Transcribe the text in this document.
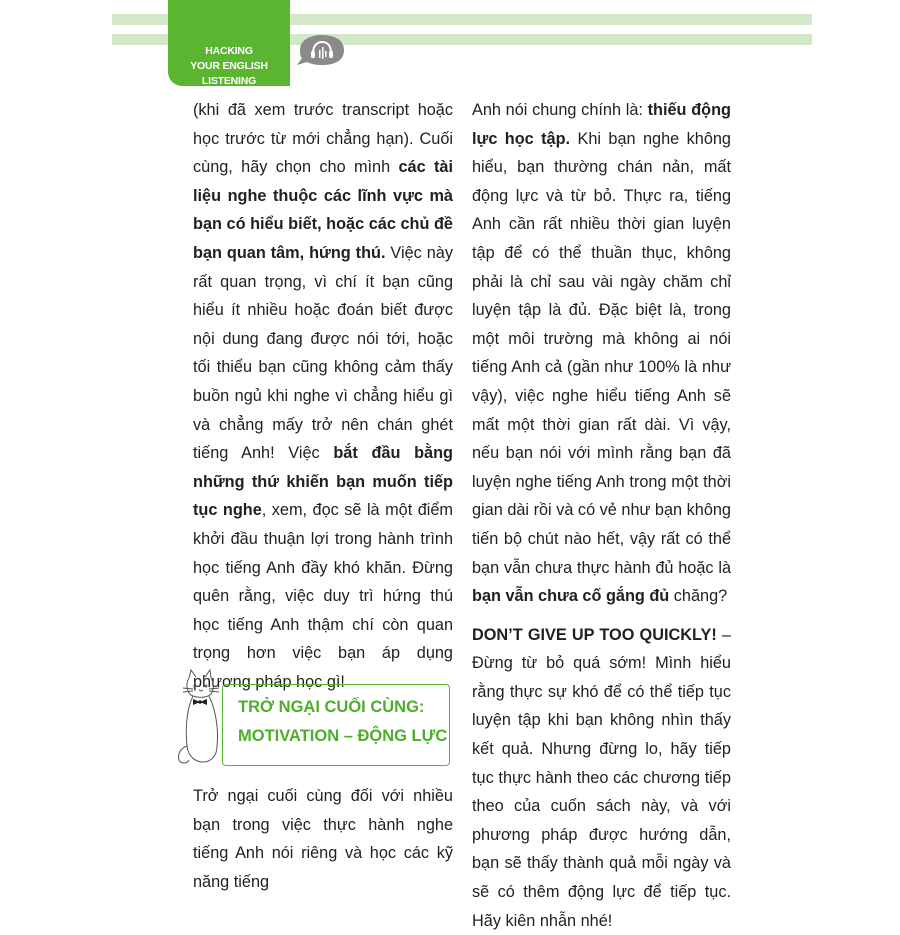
HACKING
YOUR ENGLISH LISTENING

(khi đã xem trước transcript hoặc học trước từ mới chẳng hạn). Cuối cùng, hãy chọn cho mình các tài liệu nghe thuộc các lĩnh vực mà bạn có hiểu biết, hoặc các chủ đề bạn quan tâm, hứng thú. Việc này rất quan trọng, vì chí ít bạn cũng hiểu ít nhiều hoặc đoán biết được nội dung đang được nói tới, hoặc tối thiểu bạn cũng không cảm thấy buồn ngủ khi nghe vì chẳng hiểu gì và chẳng mấy trở nên chán ghét tiếng Anh! Việc bắt đầu bằng những thứ khiến bạn muốn tiếp tục nghe, xem, đọc sẽ là một điểm khởi đầu thuận lợi trong hành trình học tiếng Anh đầy khó khăn. Đừng quên rằng, việc duy trì hứng thú học tiếng Anh thậm chí còn quan trọng hơn việc bạn áp dụng phương pháp học gì!

TRỞ NGẠI CUỐI CÙNG:
MOTIVATION – ĐỘNG LỰC

Trở ngại cuối cùng đối với nhiều bạn trong việc thực hành nghe tiếng Anh nói riêng và học các kỹ năng tiếng

Anh nói chung chính là: thiếu động lực học tập. Khi bạn nghe không hiểu, bạn thường chán nản, mất động lực và từ bỏ. Thực ra, tiếng Anh cần rất nhiều thời gian luyện tập để có thể thuần thục, không phải là chỉ sau vài ngày chăm chỉ luyện tập là đủ. Đặc biệt là, trong một môi trường mà không ai nói tiếng Anh cả (gần như 100% là như vậy), việc nghe hiểu tiếng Anh sẽ mất một thời gian rất dài. Vì vậy, nếu bạn nói với mình rằng bạn đã luyện nghe tiếng Anh trong một thời gian dài rồi và có vẻ như bạn không tiến bộ chút nào hết, vậy rất có thể bạn vẫn chưa thực hành đủ hoặc là bạn vẫn chưa cố gắng đủ chăng?

DON’T GIVE UP TOO QUICKLY! – Đừng từ bỏ quá sớm! Mình hiểu rằng thực sự khó để có thể tiếp tục luyện tập khi bạn không nhìn thấy kết quả. Nhưng đừng lo, hãy tiếp tục thực hành theo các chương tiếp theo của cuốn sách này, và với phương pháp được hướng dẫn, bạn sẽ thấy thành quả mỗi ngày và sẽ có thêm động lực để tiếp tục. Hãy kiên nhẫn nhé!
